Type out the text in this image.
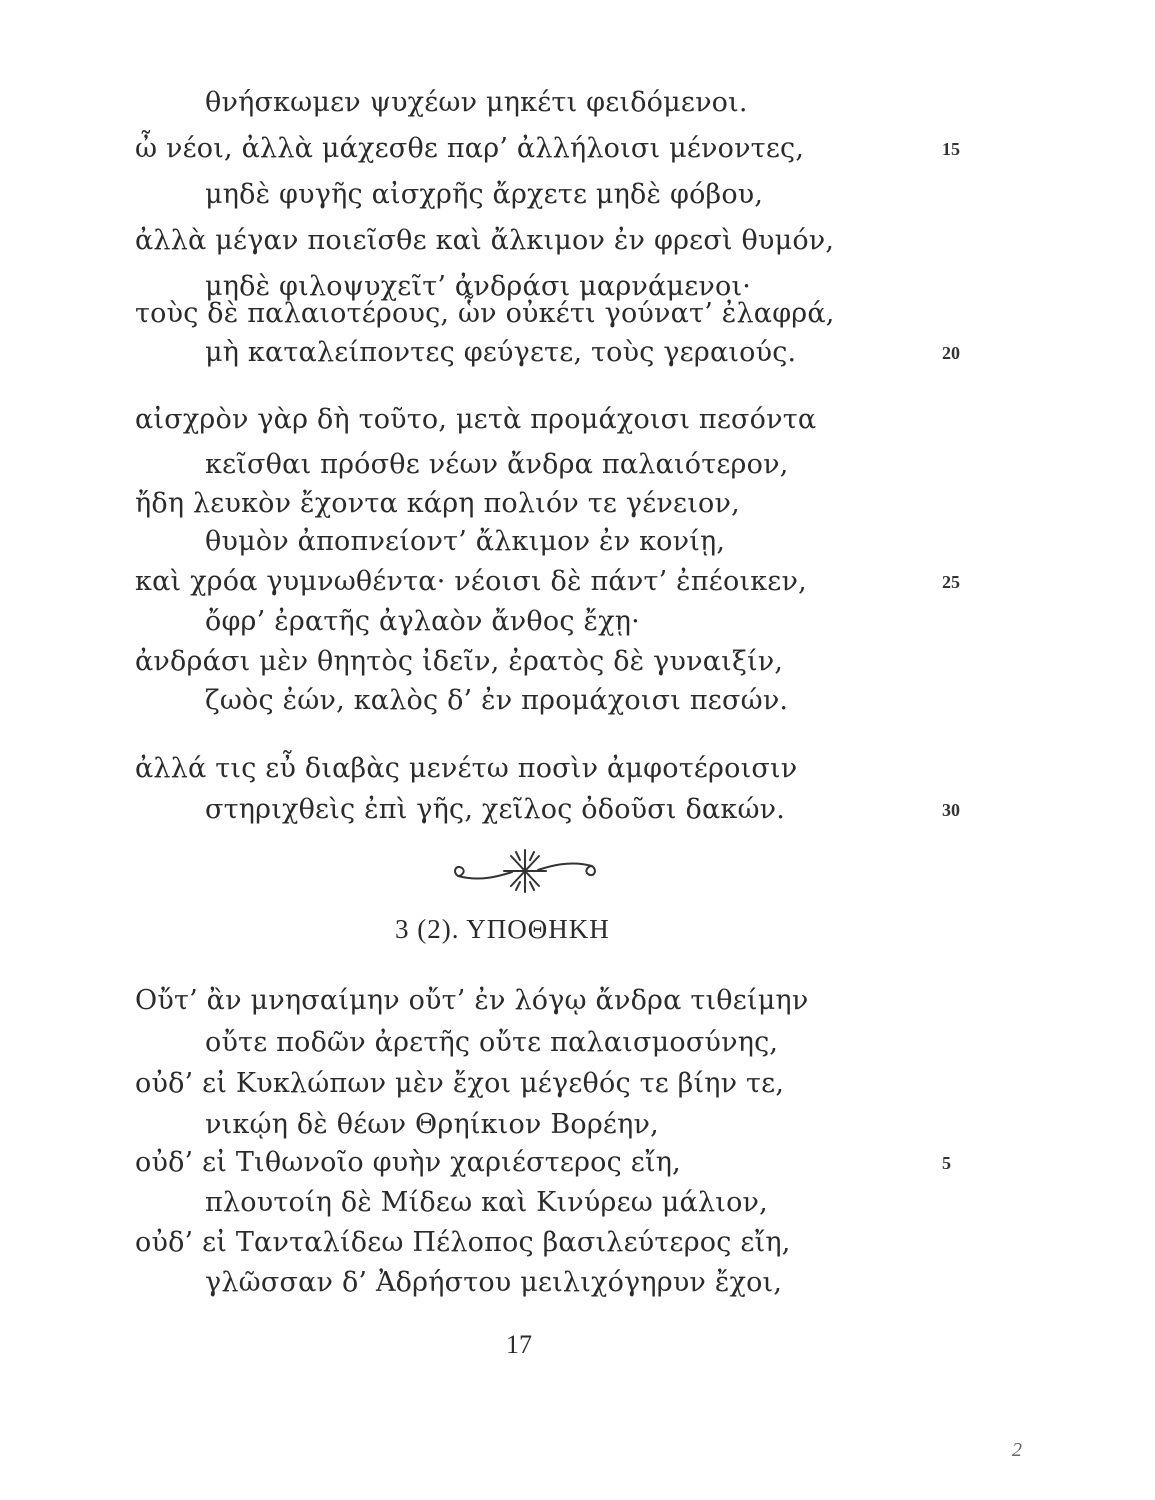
θνήσκωμεν ψυχέων μηκέτι φειδόμενοι.
ὦ νέοι, ἀλλὰ μάχεσθε παρ’ ἀλλήλοισι μένοντες,	15
μηδὲ φυγῆς αἰσχρῆς ἄρχετε μηδὲ φόβου,
ἀλλὰ μέγαν ποιεῖσθε καὶ ἄλκιμον ἐν φρεσὶ θυμόν,
μηδὲ φιλοψυχεῖτ’ ἀνδράσι μαρνάμενοι·
τοὺς δὲ παλαιοτέρους, ὧν οὐκέτι γούνατ’ ἐλαφρά,
μὴ καταλείποντες φεύγετε, τοὺς γεραιούς.	20
αἰσχρὸν γὰρ δὴ τοῦτο, μετὰ προμάχοισι πεσόντα
κεῖσθαι πρόσθε νέων ἄνδρα παλαιότερον,
ἤδη λευκὸν ἔχοντα κάρη πολιόν τε γένειον,
θυμὸν ἀποπνείοντ’ ἄλκιμον ἐν κονίῃ,
καὶ χρόα γυμνωθέντα· νέοισι δὲ πάντ’ ἐπέοικεν,	25
ὄφρ’ ἐρατῆς ἀγλαὸν ἄνθος ἔχῃ·
ἀνδράσι μὲν θηητὸς ἰδεῖν, ἐρατὸς δὲ γυναιξίν,
ζωὸς ἐών, καλὸς δ’ ἐν προμάχοισι πεσών.
ἀλλά τις εὖ διαβὰς μενέτω ποσὶν ἀμφοτέροισιν
στηριχθεὶς ἐπὶ γῆς, χεῖλος ὀδοῦσι δακών.	30
3 (2). ΥΠΟΘΗΚΗ
Οὔτ’ ἂν μνησαίμην οὔτ’ ἐν λόγῳ ἄνδρα τιθείμην
οὔτε ποδῶν ἀρετῆς οὔτε παλαισμοσύνης,
οὐδ’ εἰ Κυκλώπων μὲν ἔχοι μέγεθός τε βίην τε,
νικῴη δὲ θέων Θρηίκιον Βορέην,
οὐδ’ εἰ Τιθωνοῖο φυὴν χαριέστερος εἴη,	5
πλουτοίη δὲ Μίδεω καὶ Κινύρεω μάλιον,
οὐδ’ εἰ Τανταλίδεω Πέλοπος βασιλεύτερος εἴη,
γλῶσσαν δ’ Ἀδρήστου μειλιχόγηρυν ἔχοι,
17
2
